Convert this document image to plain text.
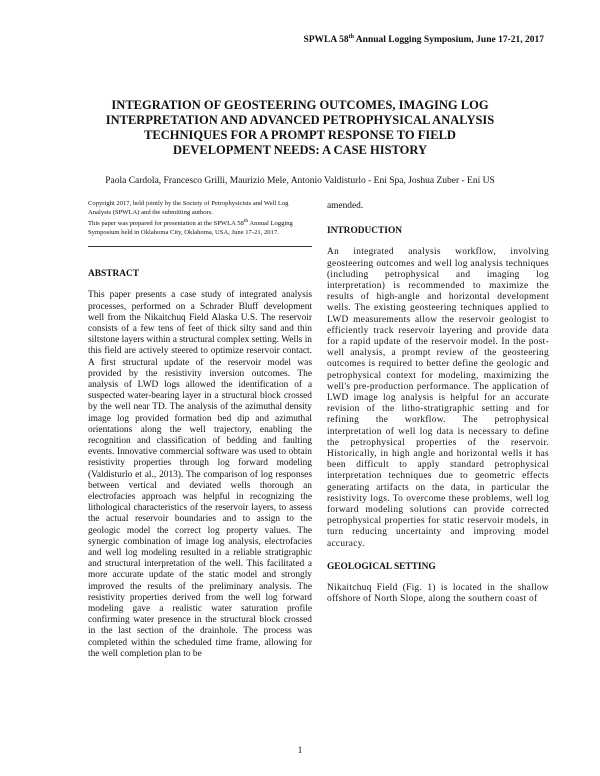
SPWLA 58th Annual Logging Symposium, June 17-21, 2017
INTEGRATION OF GEOSTEERING OUTCOMES, IMAGING LOG INTERPRETATION AND ADVANCED PETROPHYSICAL ANALYSIS TECHNIQUES FOR A PROMPT RESPONSE TO FIELD DEVELOPMENT NEEDS: A CASE HISTORY
Paola Cardola, Francesco Grilli, Maurizio Mele, Antonio Valdisturlo - Eni Spa, Joshua Zuber - Eni US

Copyright 2017, held jointly by the Society of Petrophysicists and Well Log Analysts (SPWLA) and the submitting authors.

This paper was prepared for presentation at the SPWLA 58th Annual Logging Symposium held in Oklahoma City, Oklahoma, USA, June 17-21, 2017.

ABSTRACT

This paper presents a case study of integrated analysis processes, performed on a Schrader Bluff development well from the Nikaitchuq Field Alaska U.S. The reservoir consists of a few tens of feet of thick silty sand and thin siltstone layers within a structural complex setting. Wells in this field are actively steered to optimize reservoir contact. A first structural update of the reservoir model was provided by the resistivity inversion outcomes. The analysis of LWD logs allowed the identification of a suspected water-bearing layer in a structural block crossed by the well near TD. The analysis of the azimuthal density image log provided formation bed dip and azimuthal orientations along the well trajectory, enabling the recognition and classification of bedding and faulting events. Innovative commercial software was used to obtain resistivity properties through log forward modeling (Valdisturlo et al., 2013). The comparison of log responses between vertical and deviated wells thorough an electrofacies approach was helpful in recognizing the lithological characteristics of the reservoir layers, to assess the actual reservoir boundaries and to assign to the geologic model the correct log property values. The synergic combination of image log analysis, electrofacies and well log modeling resulted in a reliable stratigraphic and structural interpretation of the well. This facilitated a more accurate update of the static model and strongly improved the results of the preliminary analysis. The resistivity properties derived from the well log forward modeling gave a realistic water saturation profile confirming water presence in the structural block crossed in the last section of the drainhole. The process was completed within the scheduled time frame, allowing for the well completion plan to be

amended.

INTRODUCTION

An integrated analysis workflow, involving geosteering outcomes and well log analysis techniques (including petrophysical and imaging log interpretation) is recommended to maximize the results of high-angle and horizontal development wells. The existing geosteering techniques applied to LWD measurements allow the reservoir geologist to efficiently track reservoir layering and provide data for a rapid update of the reservoir model. In the post-well analysis, a prompt review of the geosteering outcomes is required to better define the geologic and petrophysical context for modeling, maximizing the well's pre-production performance. The application of LWD image log analysis is helpful for an accurate revision of the litho-stratigraphic setting and for refining the workflow. The petrophysical interpretation of well log data is necessary to define the petrophysical properties of the reservoir. Historically, in high angle and horizontal wells it has been difficult to apply standard petrophysical interpretation techniques due to geometric effects generating artifacts on the data, in particular the resistivity logs. To overcome these problems, well log forward modeling solutions can provide corrected petrophysical properties for static reservoir models, in turn reducing uncertainty and improving model accuracy.

GEOLOGICAL SETTING

Nikaitchuq Field (Fig. 1) is located in the shallow offshore of North Slope, along the southern coast of

1
